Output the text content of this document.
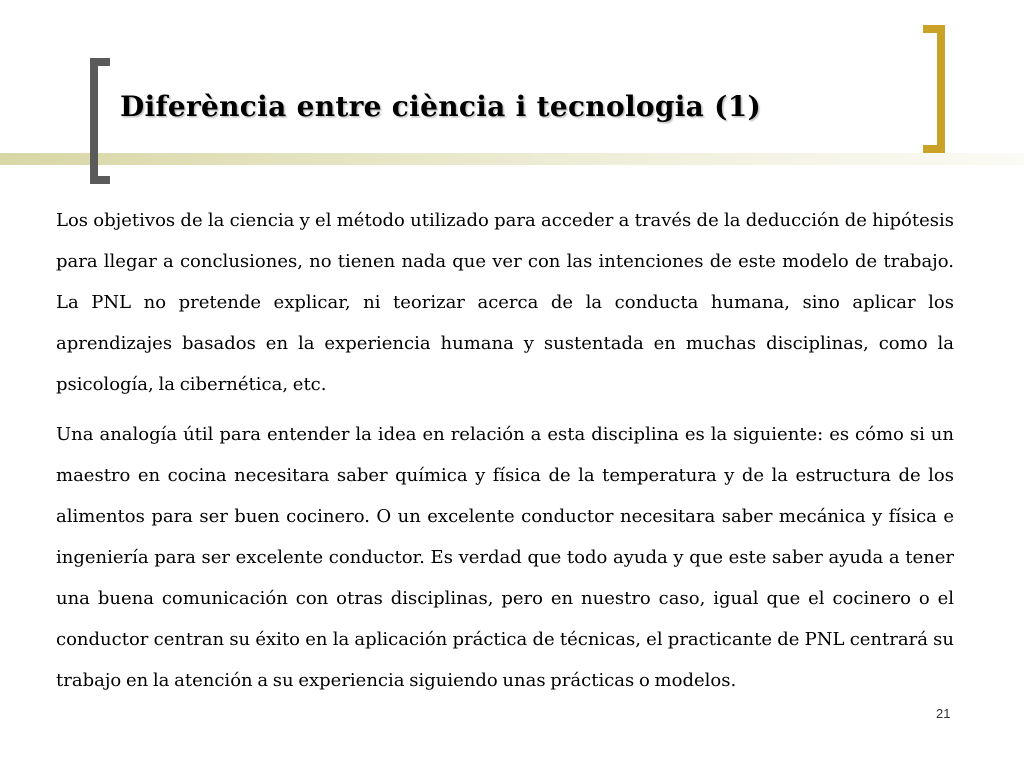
Diferència entre ciència i tecnologia (1)

Los objetivos de la ciencia y el método utilizado para acceder a través de la deducción de hipótesis para llegar a conclusiones, no tienen nada que ver con las intenciones de este modelo de trabajo. La PNL no pretende explicar, ni teorizar acerca de la conducta humana, sino aplicar los aprendizajes basados en la experiencia humana y sustentada en muchas disciplinas, como la psicología, la cibernética, etc.

Una analogía útil para entender la idea en relación a esta disciplina es la siguiente: es cómo si un maestro en cocina necesitara saber química y física de la temperatura y de la estructura de los alimentos para ser buen cocinero. O un excelente conductor necesitara saber mecánica y física e ingeniería para ser excelente conductor. Es verdad que todo ayuda y que este saber ayuda a tener una buena comunicación con otras disciplinas, pero en nuestro caso, igual que el cocinero o el conductor centran su éxito en la aplicación práctica de técnicas, el practicante de PNL centrará su trabajo en la atención a su experiencia siguiendo unas prácticas o modelos.

21
